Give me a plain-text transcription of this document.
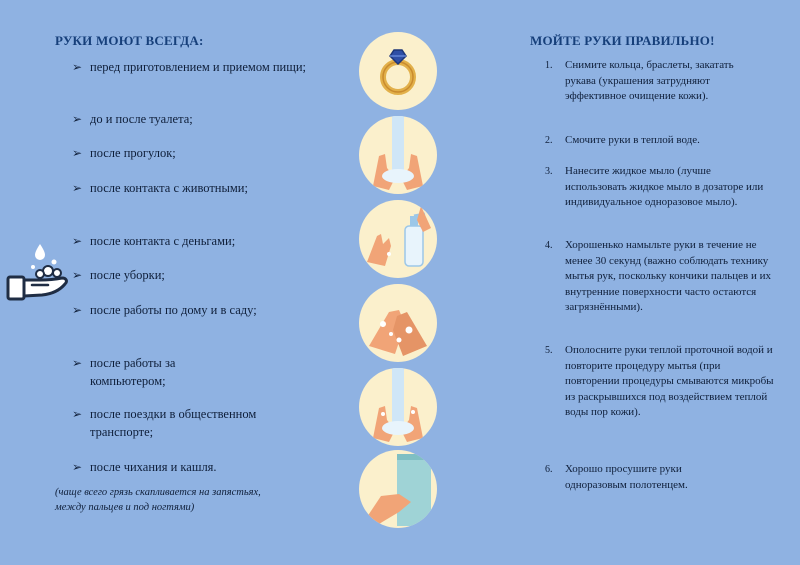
РУКИ МОЮТ ВСЕГДА:
➢ перед приготовлением и приемом пищи;
➢ до и после туалета;
➢ после прогулок;
➢ после контакта с животными;
➢ после контакта с деньгами;
➢ после уборки;
➢ после работы по дому и в саду;
➢ после работы за компьютером;
➢ после поездки в общественном транспорте;
➢ после чихания и кашля.

(чаще всего грязь скапливается на запястьях, между пальцев и под ногтями)

МОЙТЕ РУКИ ПРАВИЛЬНО!
1. Снимите кольца, браслеты, закатать рукава (украшения затрудняют эффективное очищение кожи).
2. Смочите руки в теплой воде.
3. Нанесите жидкое мыло (лучше использовать жидкое мыло в дозаторе или индивидуальное одноразовое мыло).
4. Хорошенько намыльте руки в течение не менее 30 секунд (важно соблюдать технику мытья рук, поскольку кончики пальцев и их внутренние поверхности часто остаются загрязнёнными).
5. Ополосните руки теплой проточной водой и повторите процедуру мытья (при повторении процедуры смываются микробы из раскрывшихся под воздействием теплой воды пор кожи).
6. Хорошо просушите руки одноразовым полотенцем.
